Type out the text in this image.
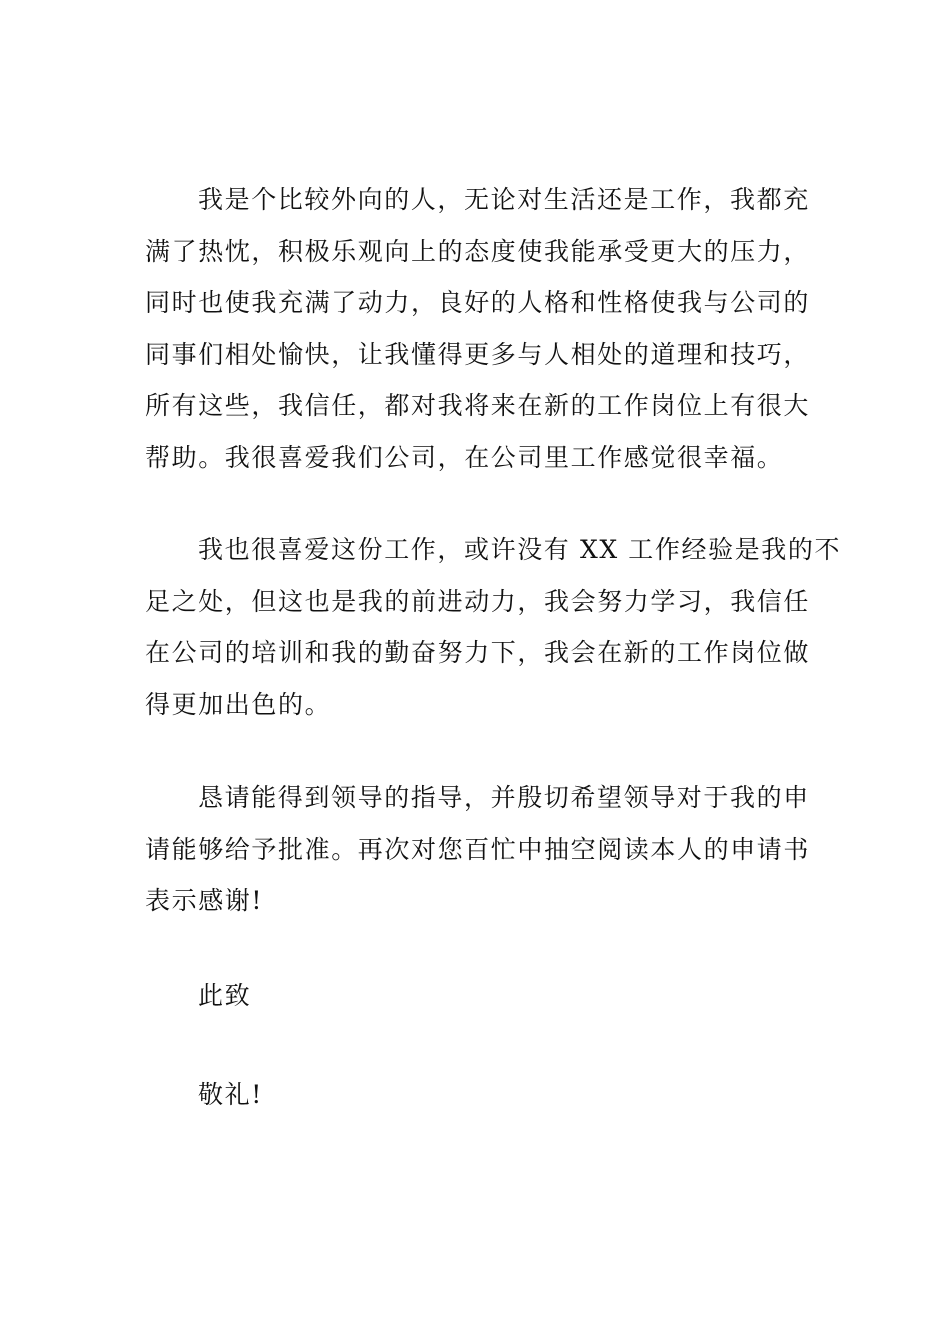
我是个比较外向的人，无论对生活还是工作，我都充
满了热忱，积极乐观向上的态度使我能承受更大的压力，
同时也使我充满了动力，良好的人格和性格使我与公司的
同事们相处愉快，让我懂得更多与人相处的道理和技巧，
所有这些，我信任，都对我将来在新的工作岗位上有很大
帮助。我很喜爱我们公司，在公司里工作感觉很幸福。
我也很喜爱这份工作，或许没有 XX 工作经验是我的不
足之处，但这也是我的前进动力，我会努力学习，我信任
在公司的培训和我的勤奋努力下，我会在新的工作岗位做
得更加出色的。
恳请能得到领导的指导，并殷切希望领导对于我的申
请能够给予批准。再次对您百忙中抽空阅读本人的申请书
表示感谢!
此致
敬礼!
